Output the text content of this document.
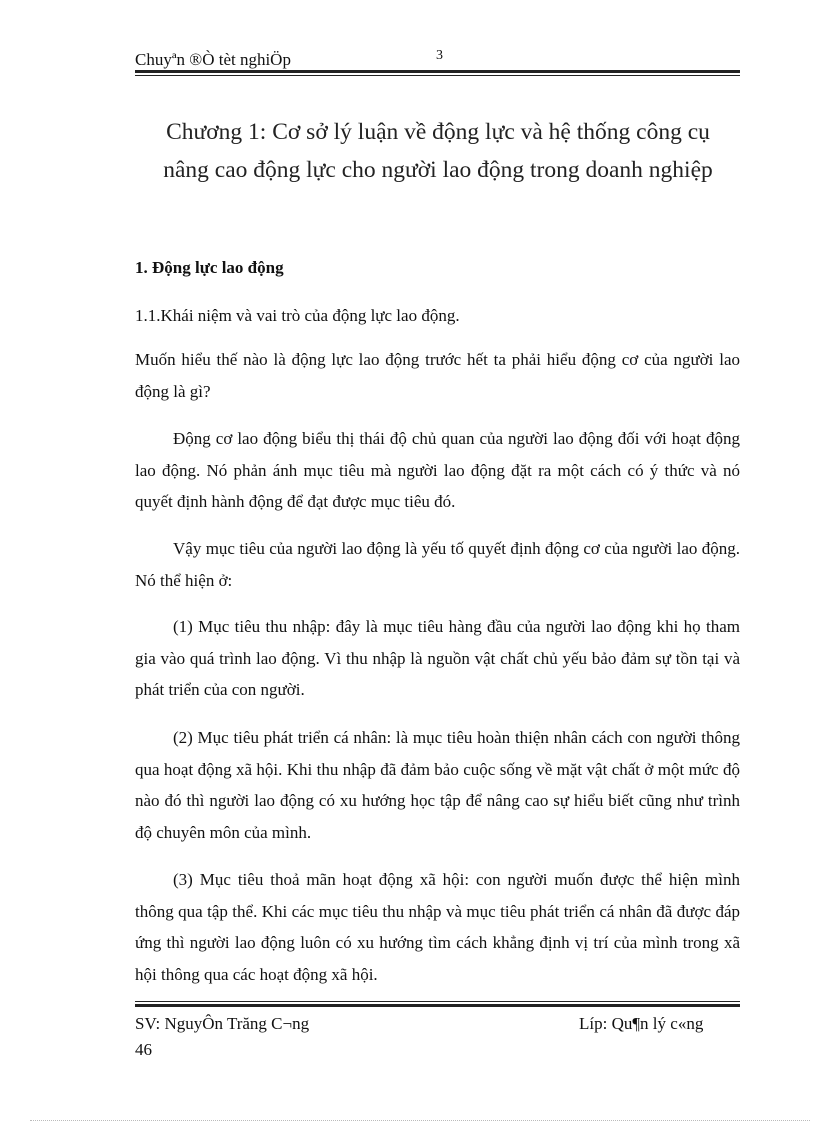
Chuyªn ®Ò tèt nghiÖp	3
Chương 1: Cơ sở lý luận về động lực và hệ thống công cụ
nâng cao động lực cho người lao động trong doanh nghiệp
1. Động lực lao động
1.1.Khái niệm và vai trò của động lực lao động.
Muốn hiểu thế nào là động lực lao động trước hết ta phải hiểu động cơ của người lao động là gì?
Động cơ lao động biểu thị thái độ chủ quan của người lao động đối với hoạt động lao động. Nó phản ánh mục tiêu mà người lao động đặt ra một cách có ý thức và nó quyết định hành động để đạt được mục tiêu đó.
Vậy mục tiêu của người lao động là yếu tố quyết định động cơ của người lao động. Nó thể hiện ở:
(1) Mục tiêu thu nhập: đây là mục tiêu hàng đầu của người lao động khi họ tham gia vào quá trình lao động. Vì thu nhập là nguồn vật chất chủ yếu bảo đảm sự tồn tại và phát triển của con người.
(2) Mục tiêu phát triển cá nhân: là mục tiêu hoàn thiện nhân cách con người thông qua hoạt động xã hội. Khi thu nhập đã đảm bảo cuộc sống về mặt vật chất ở một mức độ nào đó thì người lao động có xu hướng học tập để nâng cao sự hiểu biết cũng như trình độ chuyên môn của mình.
(3) Mục tiêu thoả mãn hoạt động xã hội: con người muốn được thể hiện mình thông qua tập thể. Khi các mục tiêu thu nhập và mục tiêu phát triển cá nhân đã được đáp ứng thì người lao động luôn có xu hướng tìm cách khẳng định vị trí của mình trong xã hội thông qua các hoạt động xã hội.
SV: NguyÔn Trăng C¬ng	Líp: Qu¶n lý c«ng
46
